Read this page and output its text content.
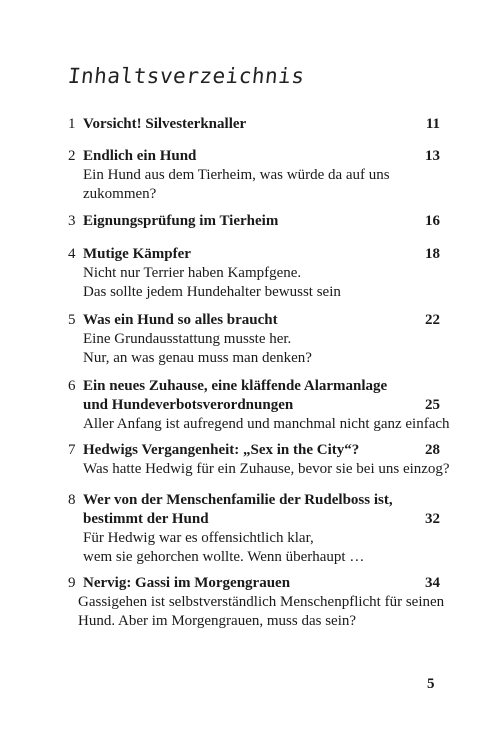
Inhaltsverzeichnis
1 Vorsicht! Silvesterknaller	11
2 Endlich ein Hund	13
Ein Hund aus dem Tierheim, was würde da auf uns
zukommen?
3 Eignungsprüfung im Tierheim	16
4 Mutige Kämpfer	18
Nicht nur Terrier haben Kampfgene.
Das sollte jedem Hundehalter bewusst sein
5 Was ein Hund so alles braucht	22
Eine Grundausstattung musste her.
Nur, an was genau muss man denken?
6 Ein neues Zuhause, eine kläffende Alarmanlage
und Hundeverbotsverordnungen	25
Aller Anfang ist aufregend und manchmal nicht ganz einfach
7 Hedwigs Vergangenheit: „Sex in the City“?	28
Was hatte Hedwig für ein Zuhause, bevor sie bei uns einzog?
8 Wer von der Menschenfamilie der Rudelboss ist,
bestimmt der Hund	32
Für Hedwig war es offensichtlich klar,
wem sie gehorchen wollte. Wenn überhaupt …
9 Nervig: Gassi im Morgengrauen	34
Gassigehen ist selbstverständlich Menschenpflicht für seinen
Hund. Aber im Morgengrauen, muss das sein?
5
